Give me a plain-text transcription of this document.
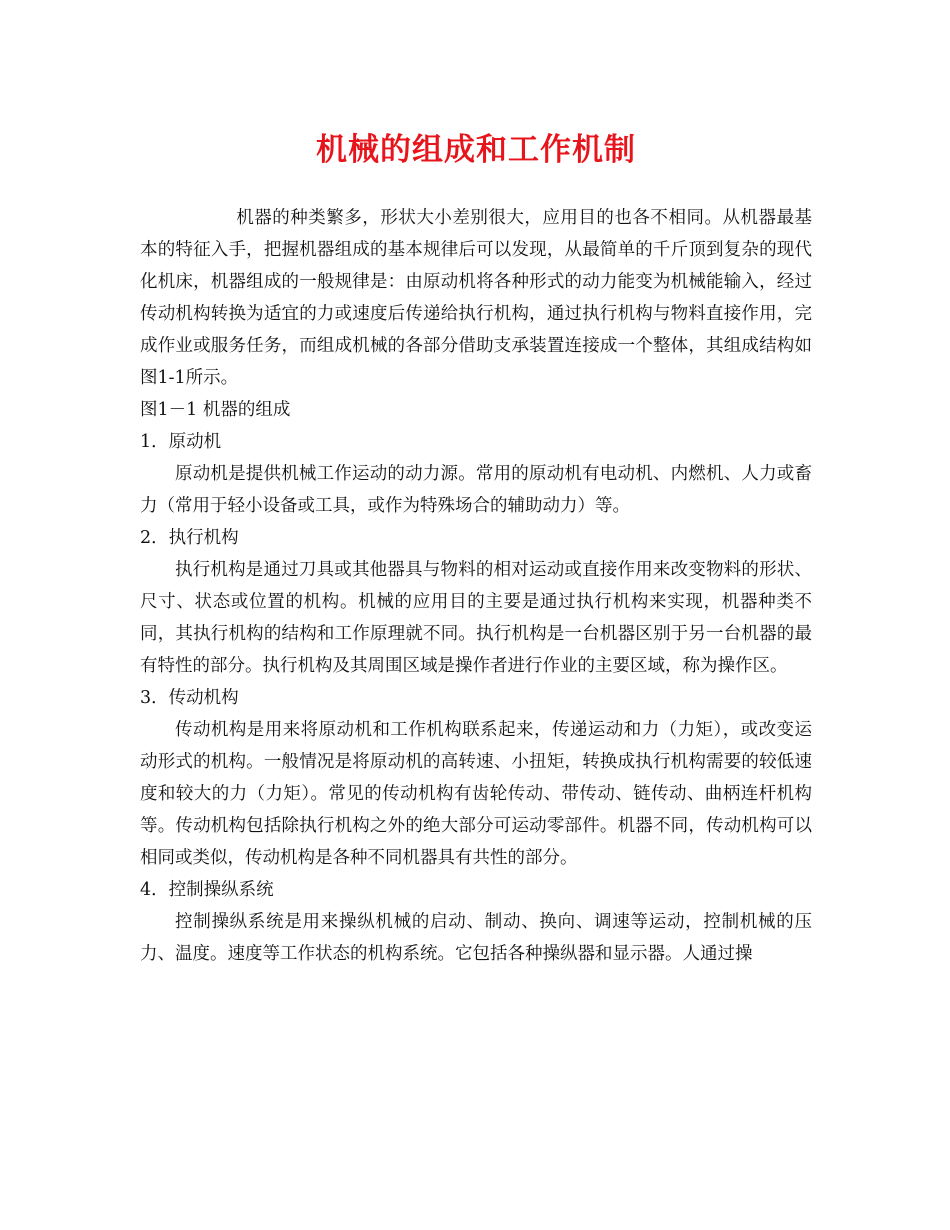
机械的组成和工作机制

机器的种类繁多，形状大小差别很大，应用目的也各不相同。从机器最基本的特征入手，把握机器组成的基本规律后可以发现，从最简单的千斤顶到复杂的现代化机床，机器组成的一般规律是：由原动机将各种形式的动力能变为机械能输入，经过传动机构转换为适宜的力或速度后传递给执行机构，通过执行机构与物料直接作用，完成作业或服务任务，而组成机械的各部分借助支承装置连接成一个整体，其组成结构如图1-1所示。

图1－1 机器的组成

1．原动机

原动机是提供机械工作运动的动力源。常用的原动机有电动机、内燃机、人力或畜力（常用于轻小设备或工具，或作为特殊场合的辅助动力）等。

2．执行机构

执行机构是通过刀具或其他器具与物料的相对运动或直接作用来改变物料的形状、尺寸、状态或位置的机构。机械的应用目的主要是通过执行机构来实现，机器种类不同，其执行机构的结构和工作原理就不同。执行机构是一台机器区别于另一台机器的最有特性的部分。执行机构及其周围区域是操作者进行作业的主要区域，称为操作区。

3．传动机构

传动机构是用来将原动机和工作机构联系起来，传递运动和力（力矩），或改变运动形式的机构。一般情况是将原动机的高转速、小扭矩，转换成执行机构需要的较低速度和较大的力（力矩）。常见的传动机构有齿轮传动、带传动、链传动、曲柄连杆机构等。传动机构包括除执行机构之外的绝大部分可运动零部件。机器不同，传动机构可以相同或类似，传动机构是各种不同机器具有共性的部分。

4．控制操纵系统

控制操纵系统是用来操纵机械的启动、制动、换向、调速等运动，控制机械的压力、温度。速度等工作状态的机构系统。它包括各种操纵器和显示器。人通过操
